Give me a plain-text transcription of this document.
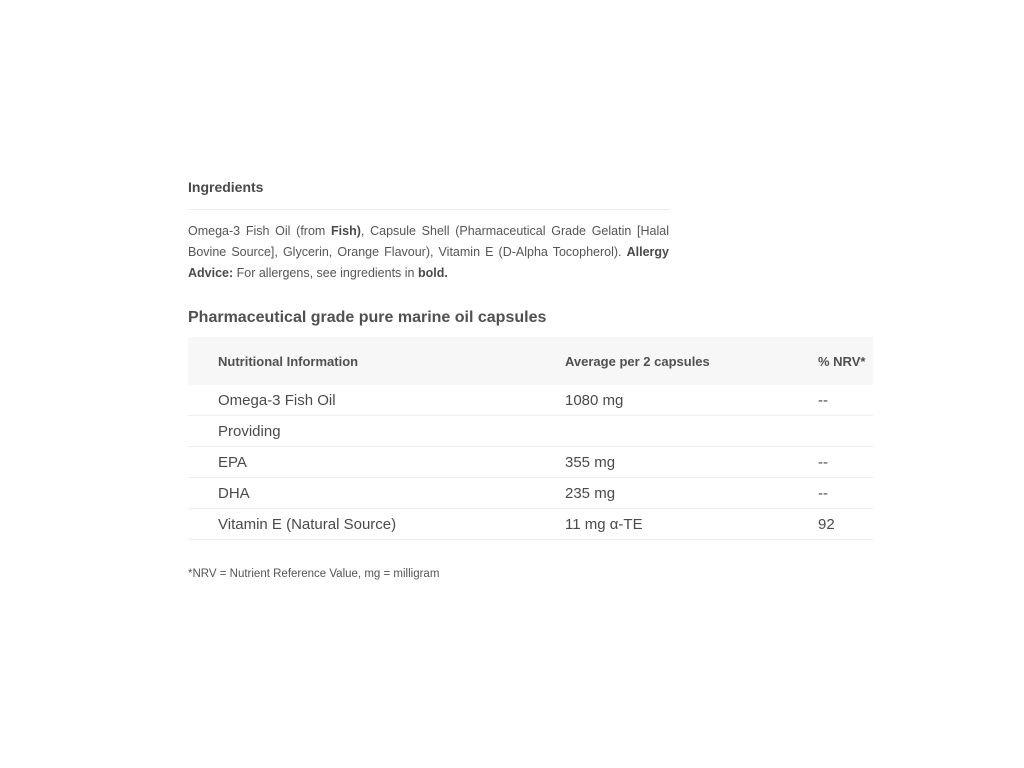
Ingredients

Omega-3 Fish Oil (from Fish), Capsule Shell (Pharmaceutical Grade Gelatin [Halal Bovine Source], Glycerin, Orange Flavour), Vitamin E (D-Alpha Tocopherol). Allergy Advice: For allergens, see ingredients in bold.

Pharmaceutical grade pure marine oil capsules
Nutritional Information	Average per 2 capsules	% NRV*
Omega-3 Fish Oil	1080 mg	--
Providing		
EPA	355 mg	--
DHA	235 mg	--
Vitamin E (Natural Source)	11 mg α-TE	92

*NRV = Nutrient Reference Value, mg = milligram
